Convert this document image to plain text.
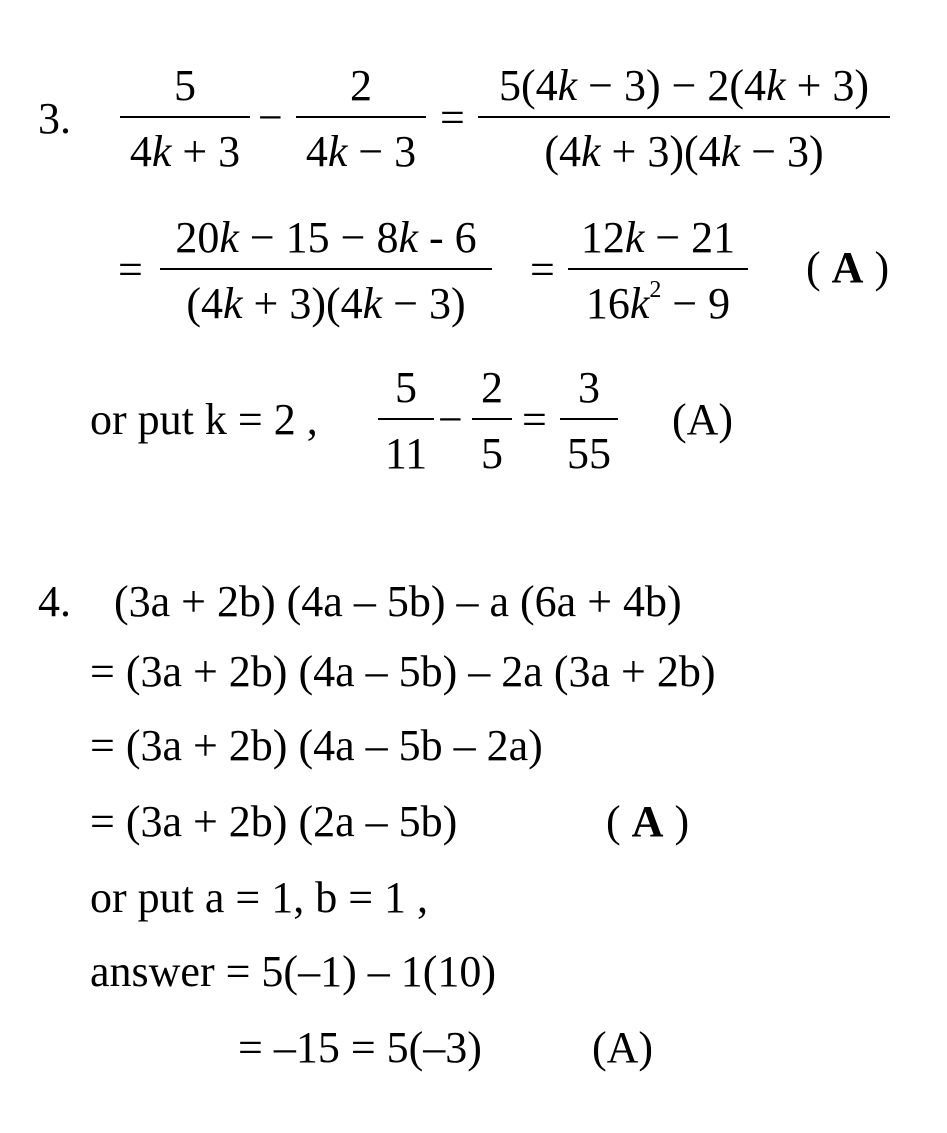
3.
5
4k + 3
−
2
4k − 3
=
5(4k − 3) − 2(4k + 3)
(4k + 3)(4k − 3)
=
20k − 15 − 8k - 6
(4k + 3)(4k − 3)
=
12k − 21
$16k^2 - 9$
( A )
or put k = 2 ,
5
11
−
2
5
=
3
55
(A)
4. (3a + 2b) (4a – 5b) – a (6a + 4b)
= (3a + 2b) (4a – 5b) – 2a (3a + 2b)
= (3a + 2b) (4a – 5b – 2a)
= (3a + 2b) (2a – 5b)	( A )
or put a = 1, b = 1 ,
answer = 5(–1) – 1(10)
= –15 = 5(–3)	(A)
